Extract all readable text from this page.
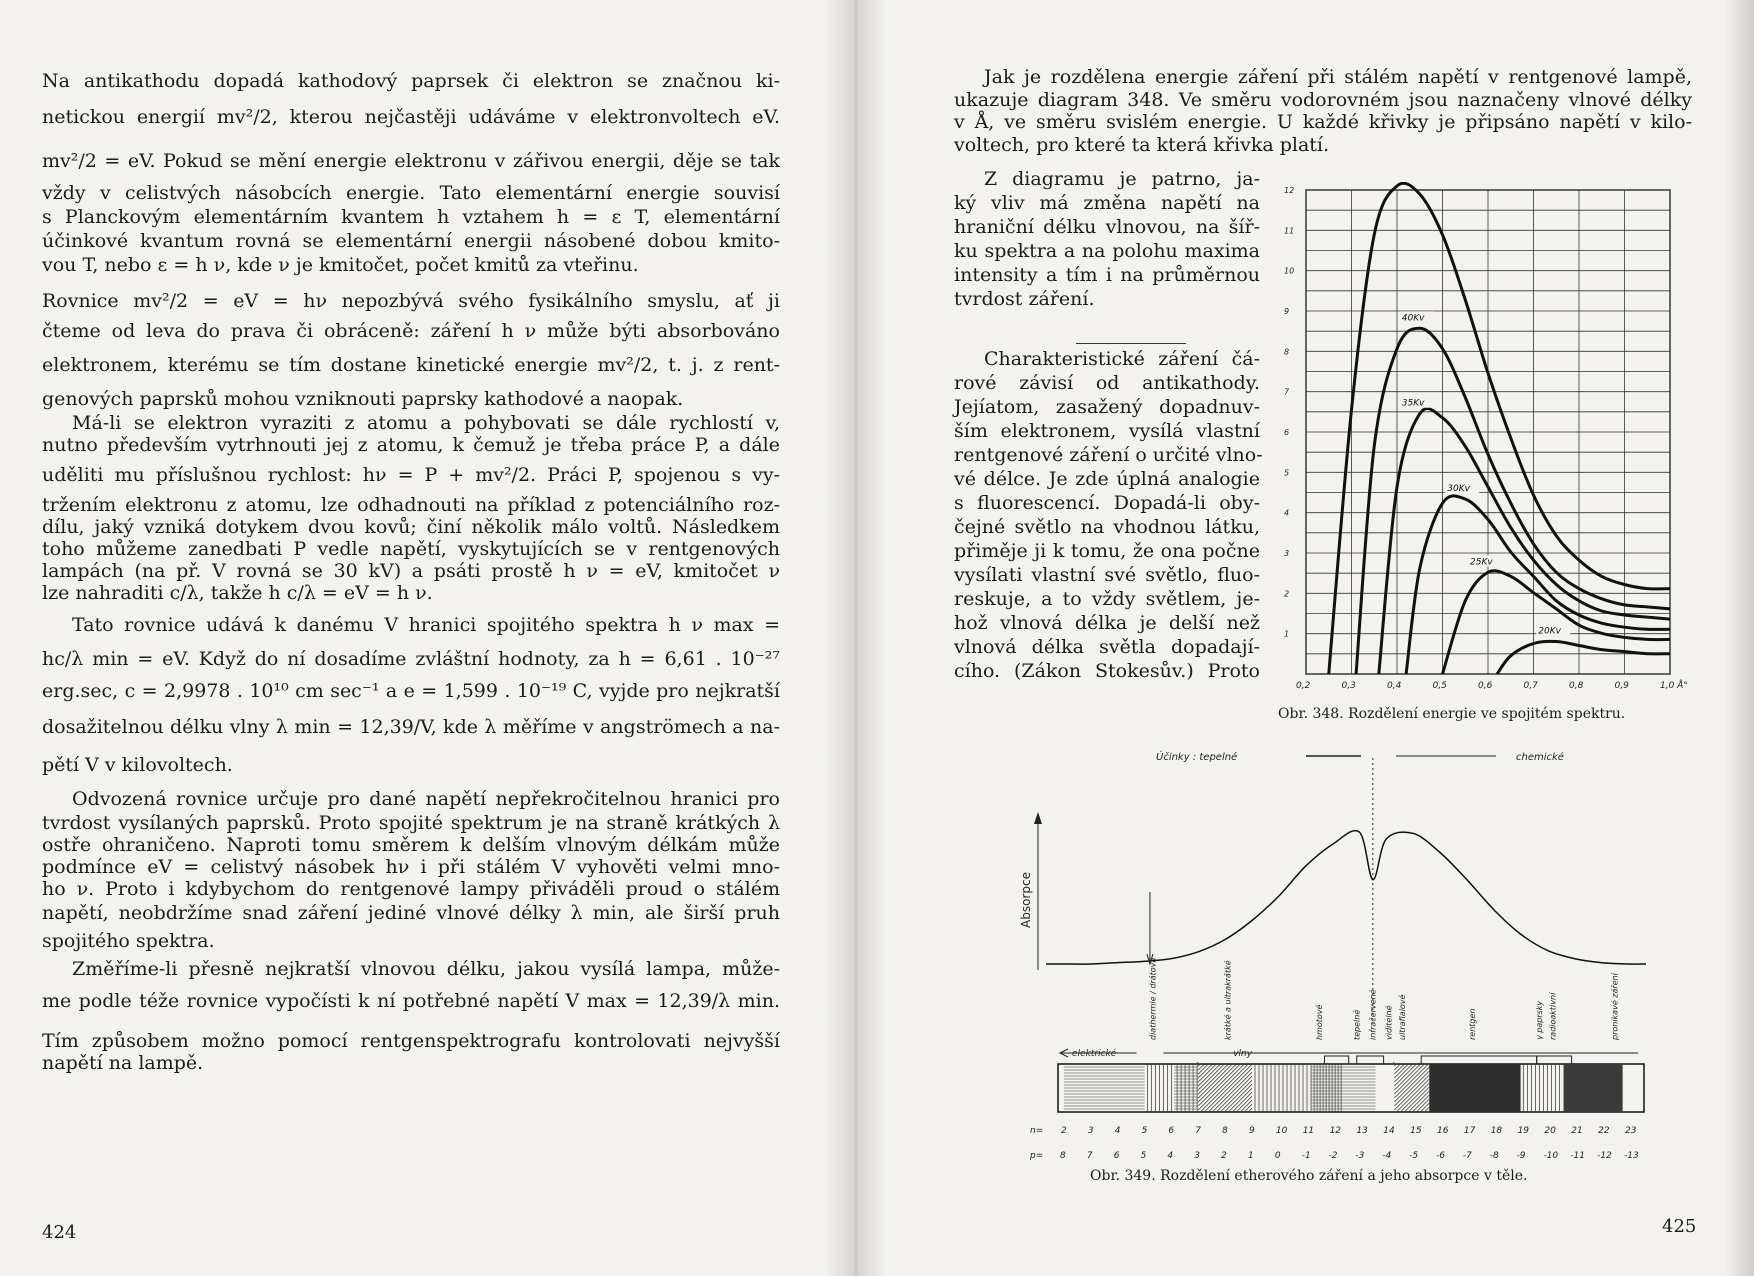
Na antikathodu dopadá kathodový paprsek či elektron se značnou ki-
netickou energií mv²/2, kterou nejčastěji udáváme v elektronvoltech eV.
mv²/2 = eV. Pokud se mění energie elektronu v zářivou energii, děje se tak
vždy v celistvých násobcích energie. Tato elementární energie souvisí
s Planckovým elementárním kvantem h vztahem h = ε T, elementární
účinkové kvantum rovná se elementární energii násobené dobou kmito-
vou T, nebo ε = h ν, kde ν je kmitočet, počet kmitů za vteřinu.
Rovnice mv²/2 = eV = hν nepozbývá svého fysikálního smyslu, ať ji
čteme od leva do prava či obráceně: záření h ν může býti absorbováno
elektronem, kterému se tím dostane kinetické energie mv²/2, t. j. z rent-
genových paprsků mohou vzniknouti paprsky kathodové a naopak.
Má-li se elektron vyraziti z atomu a pohybovati se dále rychlostí v,
nutno především vytrhnouti jej z atomu, k čemuž je třeba práce P, a dále
uděliti mu příslušnou rychlost: hν = P + mv²/2. Práci P, spojenou s vy-
tržením elektronu z atomu, lze odhadnouti na příklad z potenciálního roz-
dílu, jaký vzniká dotykem dvou kovů; činí několik málo voltů. Následkem
toho můžeme zanedbati P vedle napětí, vyskytujících se v rentgenových
lampách (na př. V rovná se 30 kV) a psáti prostě h ν = eV, kmitočet ν
lze nahraditi c/λ, takže h c/λ = eV = h ν.
Tato rovnice udává k danému V hranici spojitého spektra h ν max =
hc/λ min = eV. Když do ní dosadíme zvláštní hodnoty, za h = 6,61 . 10⁻²⁷
erg.sec, c = 2,9978 . 10¹⁰ cm sec⁻¹ a e = 1,599 . 10⁻¹⁹ C, vyjde pro nejkratší
dosažitelnou délku vlny λ min = 12,39/V, kde λ měříme v angströmech a na-
pětí V v kilovoltech.
Odvozená rovnice určuje pro dané napětí nepřekročitelnou hranici pro
tvrdost vysílaných paprsků. Proto spojité spektrum je na straně krátkých λ
ostře ohraničeno. Naproti tomu směrem k delším vlnovým délkám může
podmínce eV = celistvý násobek hν i při stálém V vyhověti velmi mno-
ho ν. Proto i kdybychom do rentgenové lampy přiváděli proud o stálém
napětí, neobdržíme snad záření jediné vlnové délky λ min, ale širší pruh
spojitého spektra.
Změříme-li přesně nejkratší vlnovou délku, jakou vysílá lampa, může-
me podle téže rovnice vypočísti k ní potřebné napětí V max = 12,39/λ min.
Tím způsobem možno pomocí rentgenspektrografu kontrolovati nejvyšší
napětí na lampě.
424
Jak je rozdělena energie záření při stálém napětí v rentgenové lampě,
ukazuje diagram 348. Ve směru vodorovném jsou naznačeny vlnové délky
v Å, ve směru svislém energie. U každé křivky je připsáno napětí v kilo-
voltech, pro které ta která křivka platí.
Z diagramu je patrno, ja-
ký vliv má změna napětí na
hraniční délku vlnovou, na šíř-
ku spektra a na polohu maxima
intensity a tím i na průměrnou
tvrdost záření.
Charakteristické záření čá-
rové závisí od antikathody.
Jejíatom, zasažený dopadnuv-
ším elektronem, vysílá vlastní
rentgenové záření o určité vlno-
vé délce. Je zde úplná analogie
s fluorescencí. Dopadá-li oby-
čejné světlo na vhodnou látku,
přiměje ji k tomu, že ona počne
vysílati vlastní své světlo, fluo-
reskuje, a to vždy světlem, je-
hož vlnová délka je delší než
vlnová délka světla dopadají-
cího. (Zákon Stokesův.) Proto
1
2
3
4
5
6
7
8
9
10
11
12
0,2	0,3	0,4	0,5	0,6	0,7	0,8	0,9	1,0 Å°
40Kv
35Kv
30Kv
25Kv
20Kv
Obr. 348. Rozdělení energie ve spojitém spektru.
Účinky : tepelné	chemické
Absorpce
diathermie / drátová	krátké a ultrakrátké	hmotové	tepelné infračervené viditelné ultrafialové	rentgen	γ paprsky radioaktivní	pronikavé záření
elektrické	vlny
n= 2 3 4 5 6 7 8 9 10 11 12 13 14 15 16 17 18 19 20 21 22 23
p= 8 7 6 5 4 3 2 1 0 -1 -2 -3 -4 -5 -6 -7 -8 -9 -10 -11 -12 -13
Obr. 349. Rozdělení etherového záření a jeho absorpce v těle.
425
